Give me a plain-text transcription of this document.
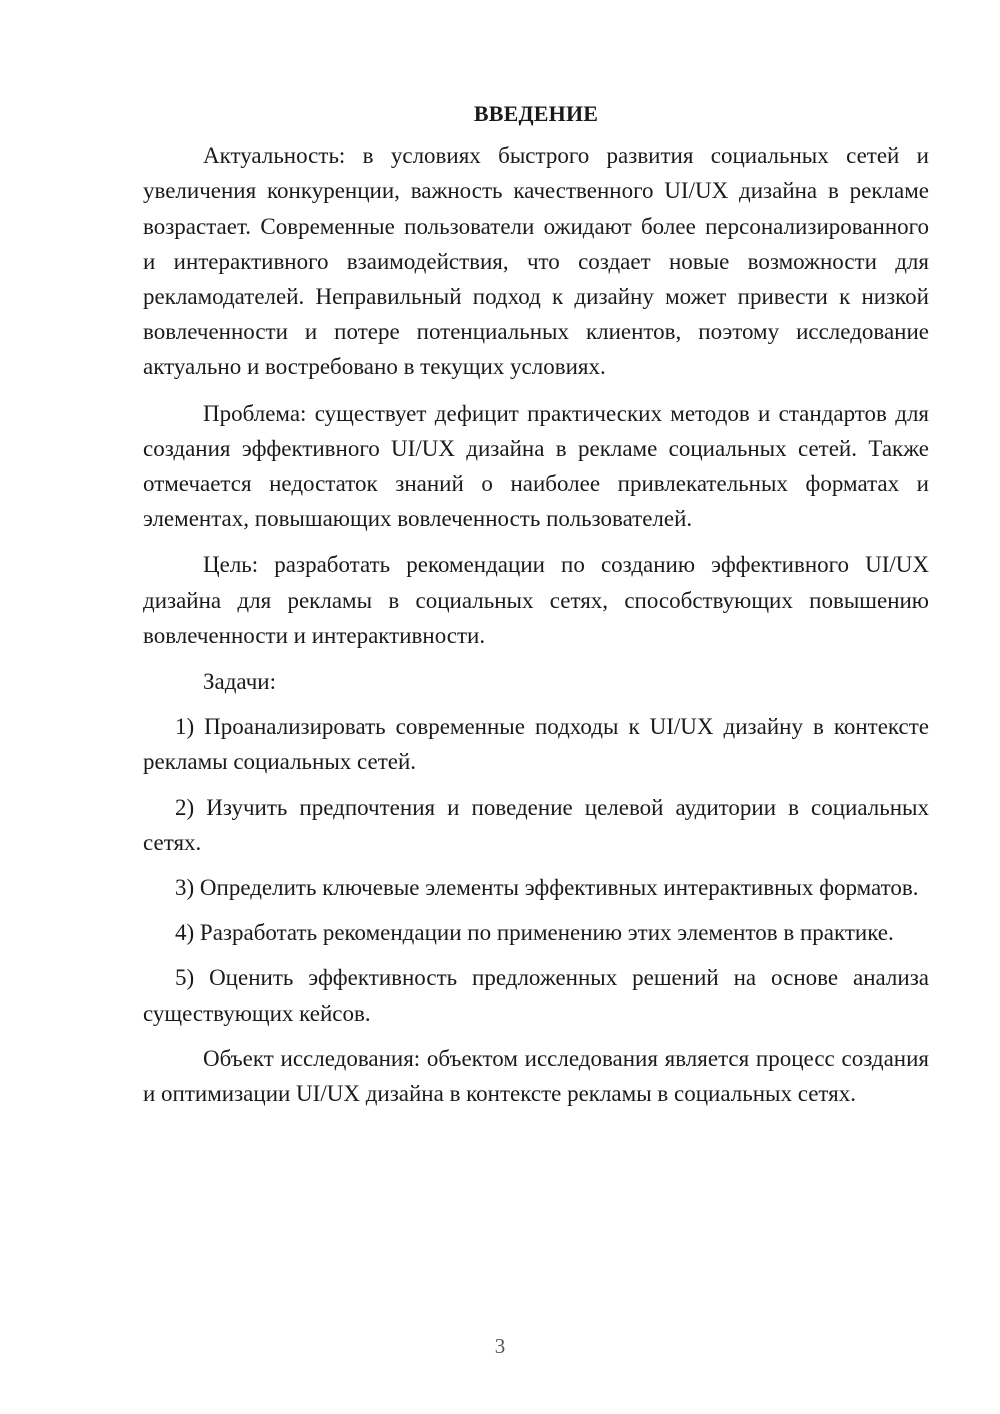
ВВЕДЕНИЕ

Актуальность: в условиях быстрого развития социальных сетей и увеличения конкуренции, важность качественного UI/UX дизайна в рекламе возрастает. Современные пользователи ожидают более персонализированного и интерактивного взаимодействия, что создает новые возможности для рекламодателей. Неправильный подход к дизайну может привести к низкой вовлеченности и потере потенциальных клиентов, поэтому исследование актуально и востребовано в текущих условиях.

Проблема: существует дефицит практических методов и стандартов для создания эффективного UI/UX дизайна в рекламе социальных сетей. Также отмечается недостаток знаний о наиболее привлекательных форматах и элементах, повышающих вовлеченность пользователей.

Цель: разработать рекомендации по созданию эффективного UI/UX дизайна для рекламы в социальных сетях, способствующих повышению вовлеченности и интерактивности.

Задачи:

1) Проанализировать современные подходы к UI/UX дизайну в контексте рекламы социальных сетей.

2) Изучить предпочтения и поведение целевой аудитории в социальных сетях.

3) Определить ключевые элементы эффективных интерактивных форматов.

4) Разработать рекомендации по применению этих элементов в практике.

5) Оценить эффективность предложенных решений на основе анализа существующих кейсов.

Объект исследования: объектом исследования является процесс создания и оптимизации UI/UX дизайна в контексте рекламы в социальных сетях.

3
